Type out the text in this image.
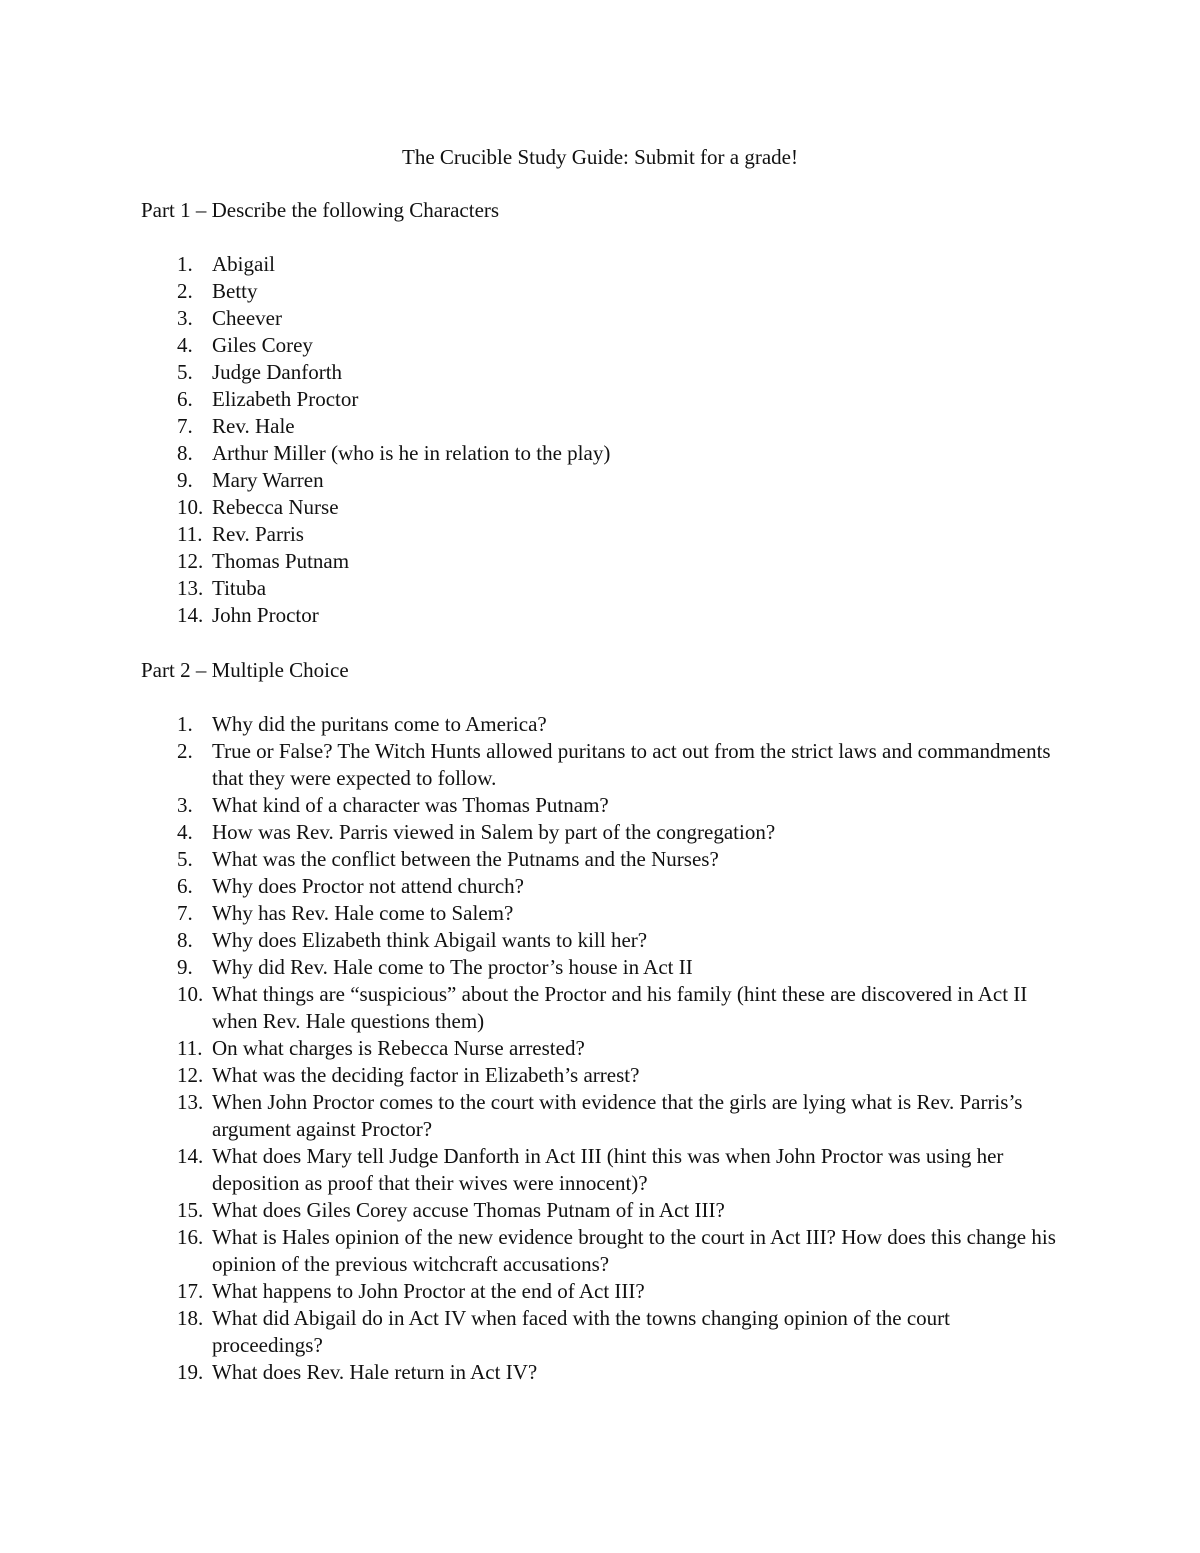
The Crucible Study Guide: Submit for a grade!
Part 1 – Describe the following Characters
1. Abigail
2. Betty
3. Cheever
4. Giles Corey
5. Judge Danforth
6. Elizabeth Proctor
7. Rev. Hale
8. Arthur Miller (who is he in relation to the play)
9. Mary Warren
10. Rebecca Nurse
11. Rev. Parris
12. Thomas Putnam
13. Tituba
14. John Proctor
Part 2 – Multiple Choice
1. Why did the puritans come to America?
2. True or False? The Witch Hunts allowed puritans to act out from the strict laws and commandments that they were expected to follow.
3. What kind of a character was Thomas Putnam?
4. How was Rev. Parris viewed in Salem by part of the congregation?
5. What was the conflict between the Putnams and the Nurses?
6. Why does Proctor not attend church?
7. Why has Rev. Hale come to Salem?
8. Why does Elizabeth think Abigail wants to kill her?
9. Why did Rev. Hale come to The proctor’s house in Act II
10. What things are “suspicious” about the Proctor and his family (hint these are discovered in Act II when Rev. Hale questions them)
11. On what charges is Rebecca Nurse arrested?
12. What was the deciding factor in Elizabeth’s arrest?
13. When John Proctor comes to the court with evidence that the girls are lying what is Rev. Parris’s argument against Proctor?
14. What does Mary tell Judge Danforth in Act III (hint this was when John Proctor was using her deposition as proof that their wives were innocent)?
15. What does Giles Corey accuse Thomas Putnam of in Act III?
16. What is Hales opinion of the new evidence brought to the court in Act III? How does this change his opinion of the previous witchcraft accusations?
17. What happens to John Proctor at the end of Act III?
18. What did Abigail do in Act IV when faced with the towns changing opinion of the court proceedings?
19. What does Rev. Hale return in Act IV?
